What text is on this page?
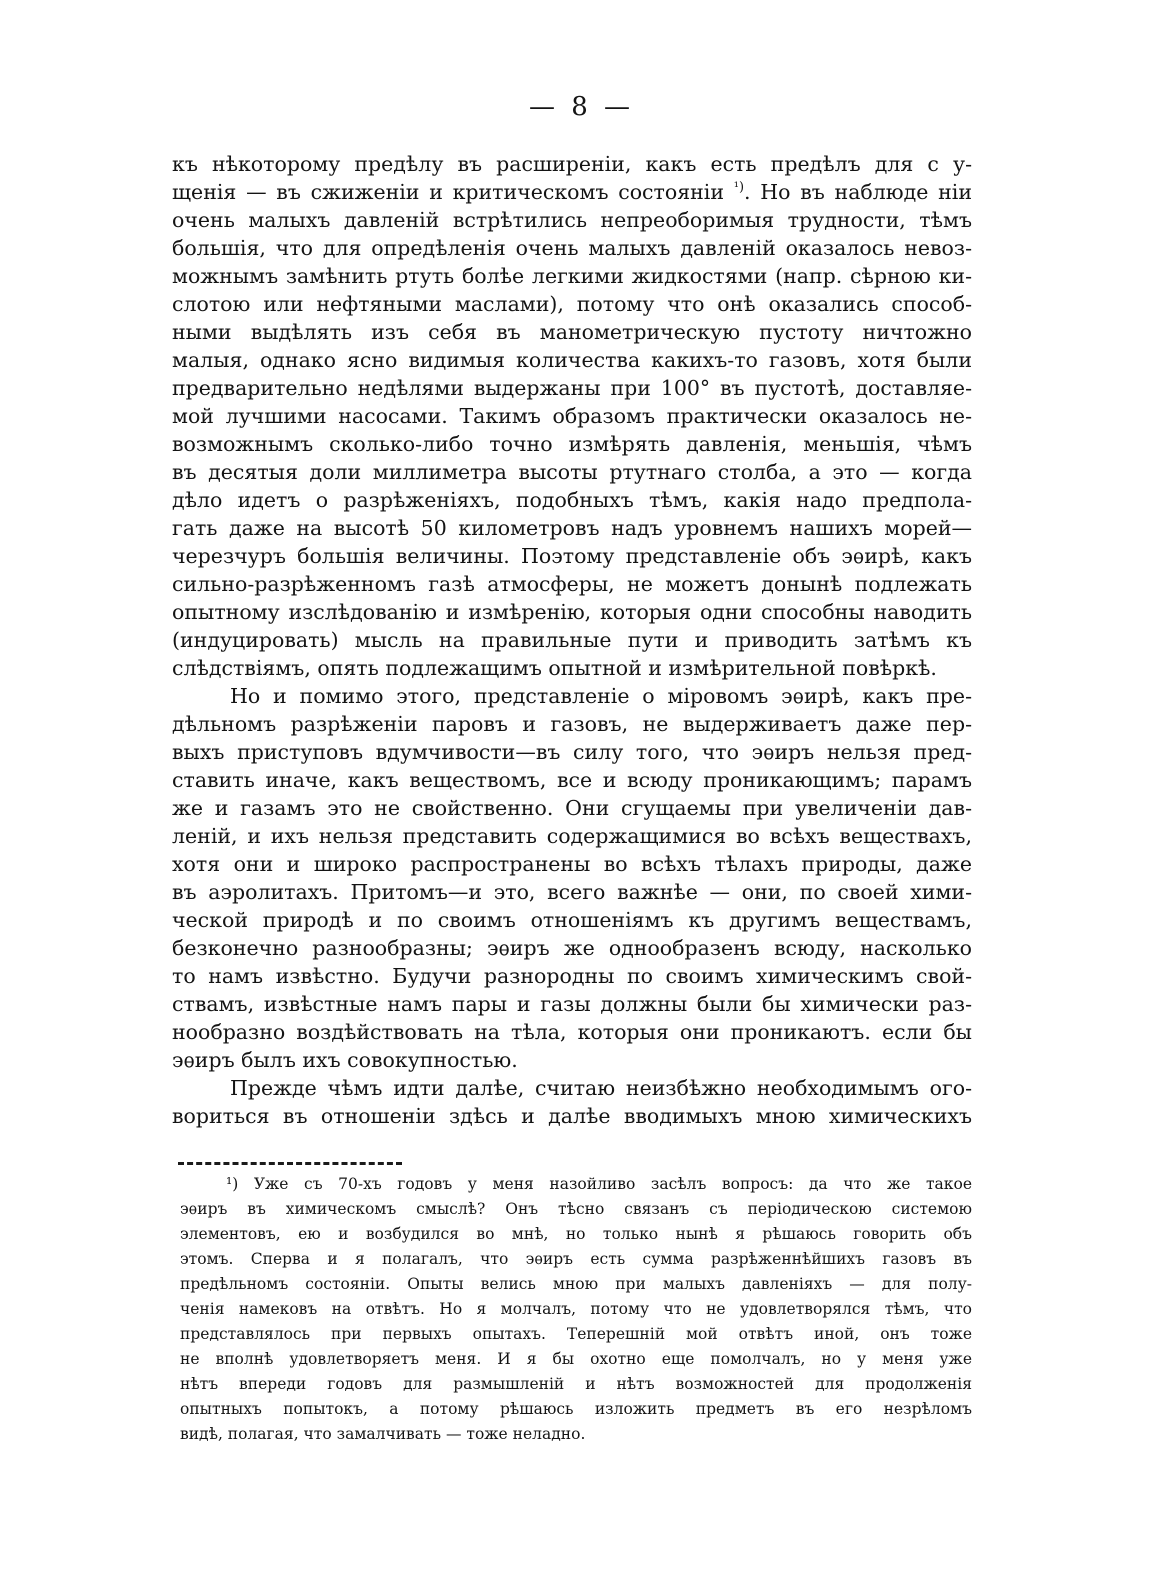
— 8 —
къ нѣкоторому предѣлу въ расширеніи, какъ есть предѣлъ для с у-
щенія — въ сжиженіи и критическомъ состояніи $^{^1)}$. Но въ наблюде ніи
очень малыхъ давленій встрѣтились непреоборимыя трудности, тѣмъ
большія, что для опредѣленія очень малыхъ давленій оказалось невоз-
можнымъ замѣнить ртуть болѣе легкими жидкостями (напр. сѣрною ки-
слотою или нефтяными маслами), потому что онѣ оказались способ-
ными выдѣлять изъ себя въ манометрическую пустоту ничтожно
малыя, однако ясно видимыя количества какихъ-то газовъ, хотя были
предварительно недѣлями выдержаны при 100° въ пустотѣ, доставляе-
мой лучшими насосами. Такимъ образомъ практически оказалось не-
возможнымъ сколько-либо точно измѣрять давленія, меньшія, чѣмъ
въ десятыя доли миллиметра высоты ртутнаго столба, а это — когда
дѣло идетъ о разрѣженіяхъ, подобныхъ тѣмъ, какія надо предпола-
гать даже на высотѣ 50 километровъ надъ уровнемъ нашихъ морей—
черезчуръ большія величины. Поэтому представленіе объ эѳирѣ, какъ
сильно-разрѣженномъ газѣ атмосферы, не можетъ донынѣ подлежать
опытному изслѣдованію и измѣренію, которыя одни способны наводить
(индуцировать) мысль на правильные пути и приводить затѣмъ къ
слѣдствіямъ, опять подлежащимъ опытной и измѣрительной повѣркѣ.
Но и помимо этого, представленіе о міровомъ эѳирѣ, какъ пре-
дѣльномъ разрѣженіи паровъ и газовъ, не выдерживаетъ даже пер-
выхъ приступовъ вдумчивости—въ силу того, что эѳиръ нельзя пред-
ставить иначе, какъ веществомъ, все и всюду проникающимъ; парамъ
же и газамъ это не свойственно. Они сгущаемы при увеличеніи дав-
леній, и ихъ нельзя представить содержащимися во всѣхъ веществахъ,
хотя они и широко распространены во всѣхъ тѣлахъ природы, даже
въ аэролитахъ. Притомъ—и это, всего важнѣе — они, по своей хими-
ческой природѣ и по своимъ отношеніямъ къ другимъ веществамъ,
безконечно разнообразны; эѳиръ же однообразенъ всюду, насколько
то намъ извѣстно. Будучи разнородны по своимъ химическимъ свой-
ствамъ, извѣстные намъ пары и газы должны были бы химически раз-
нообразно воздѣйствовать на тѣла, которыя они проникаютъ. если бы
эѳиръ былъ ихъ совокупностью.
Прежде чѣмъ идти далѣе, считаю неизбѣжно необходимымъ ого-
вориться въ отношеніи здѣсь и далѣе вводимыхъ мною химическихъ
¹) Уже съ 70-хъ годовъ у меня назойливо засѣлъ вопросъ: да что же такое
эѳиръ въ химическомъ смыслѣ? Онъ тѣсно связанъ съ періодическою системою
элементовъ, ею и возбудился во мнѣ, но только нынѣ я рѣшаюсь говорить объ
этомъ. Сперва и я полагалъ, что эѳиръ есть сумма разрѣженнѣйшихъ газовъ въ
предѣльномъ состояніи. Опыты велись мною при малыхъ давленіяхъ — для полу-
ченія намековъ на отвѣтъ. Но я молчалъ, потому что не удовлетворялся тѣмъ, что
представлялось при первыхъ опытахъ. Теперешній мой отвѣтъ иной, онъ тоже
не вполнѣ удовлетворяетъ меня. И я бы охотно еще помолчалъ, но у меня уже
нѣтъ впереди годовъ для размышленій и нѣтъ возможностей для продолженія
опытныхъ попытокъ, а потому рѣшаюсь изложить предметъ въ его незрѣломъ
видѣ, полагая, что замалчивать — тоже неладно.
